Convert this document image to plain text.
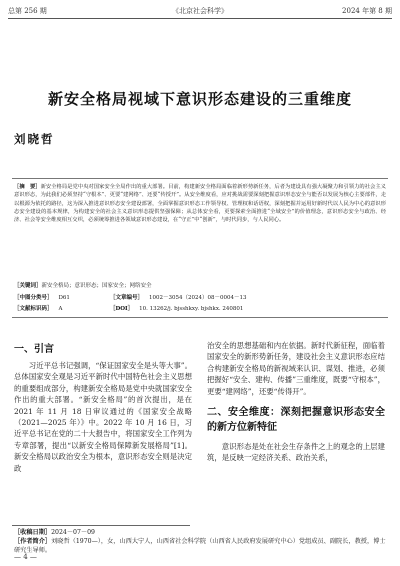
总第 256 期	《北京社会科学》	2024 年第 8 期
新安全格局视域下意识形态建设的三重维度
刘晓哲
［摘　要］新安全格局是党中央对国家安全全局作出的重大部署。目前，构建新安全格局面临着新形势新任务，后者为建设具有强大凝聚力和引领力的社会主义意识形态，为此我们必须坚持“守根本”、更要“建网络”、还要“传授开”。从安全维度看，应对挑战需要深刻把握意识形态安全与能否以发展为核心主要部件，走以根源为依托的路径，这为深入推进意识形态安全建设部署，全面掌握意识形态工作领导权、管理权和话语权，深刻把握并运用好新时代以人民为中心的意识形态安全建设的基本规律，为构建安全的社会主义意识形态提供坚强保障；从总体安全看，更要探索全面推进“全域安全”的价值理念，意识形态安全与政治、经济、社会等安全维度相互交织，必须统筹推进各领域意识形态建设，在“守正”中“创新”，与时代同步，与人民同心。
［关键词］新安全格局；意识形态；国家安全；网络安全
［中图分类号］ D61	［文章编号］ 1002－3054（2024）08－0004－13
［文献标识码］ A	［DOI］ 10. 13262/j. bjsshkxy. bjshkx. 240801

一、引言

习近平总书记强调，“保证国家安全是头等大事”。总体国家安全观是习近平新时代中国特色社会主义思想的重要组成部分，构建新安全格局是党中央就国家安全作出的重大部署。“新安全格局”的首次提出，是在 2021 年 11 月 18 日审议通过的《国家安全战略（2021—2025 年）》中。2022 年 10 月 16 日，习近平总书记在党的二十大报告中，将国家安全工作列为专章部署，提出“以新安全格局保障新发展格局”[1]。新安全格局以政治安全为根本，意识形态安全则是决定政

治安全的思想基础和内在依据。新时代新征程，面临着国家安全的新形势新任务，建设社会主义意识形态应结合构建新安全格局的新视域来认识、谋划、推进，必须把握好“安全、建构、传播”三重维度，既要“守根本”，更要“建网络”，还要“传得开”。

二、安全维度：深刻把握意识形态安全的新方位新特征

意识形态是处在社会生存条件之上的观念的上层建筑，是反映一定经济关系、政治关系，

［收稿日期］2024－07－09
［作者简介］刘晓哲（1970—），女，山西大宁人，山西省社会科学院（山西省人民政府发展研究中心）党组成员、副院长，教授，博士研究生导师。
— 4 —
